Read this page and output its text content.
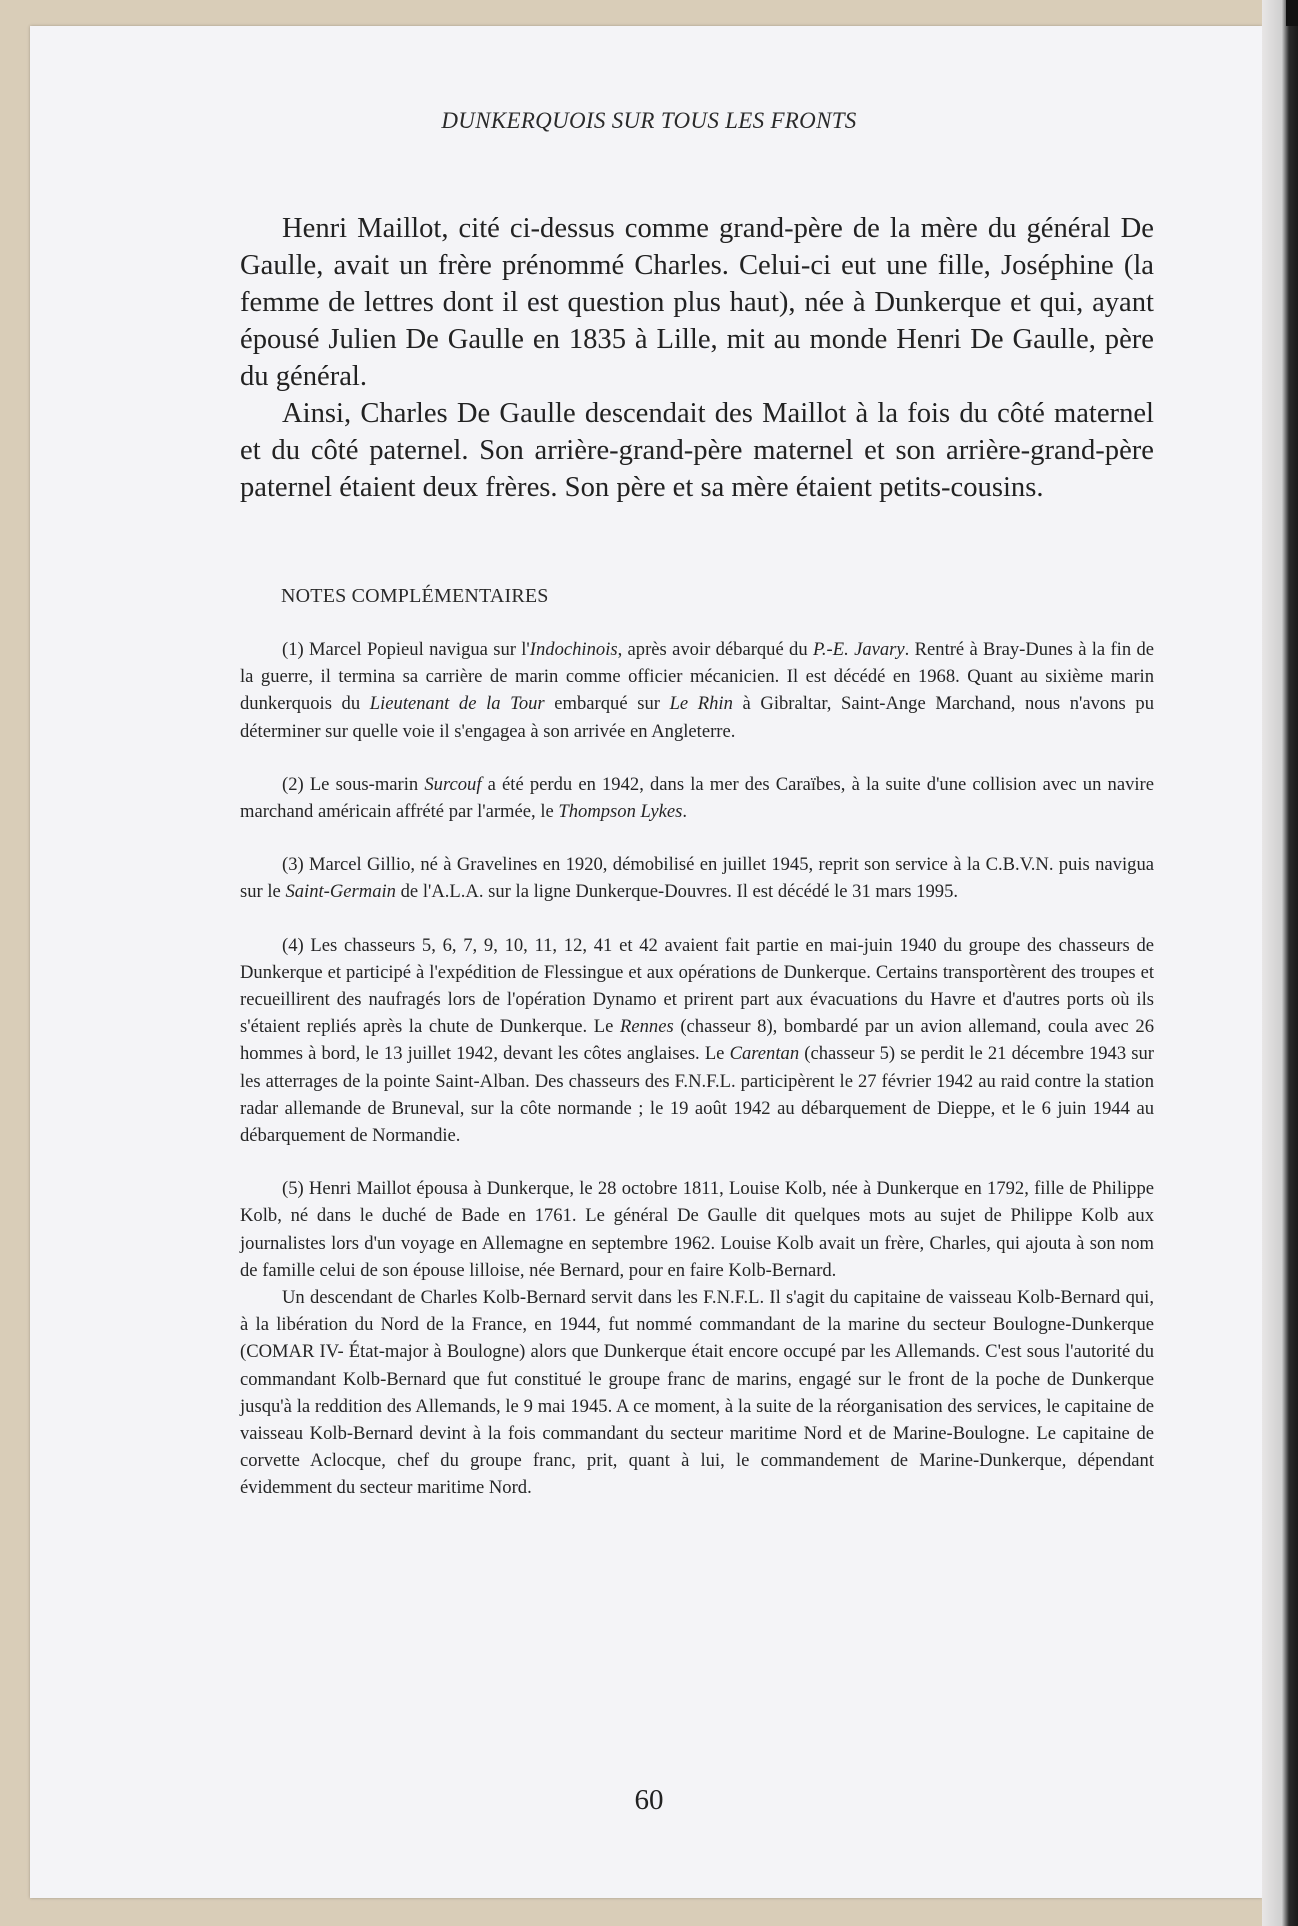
DUNKERQUOIS SUR TOUS LES FRONTS

Henri Maillot, cité ci-dessus comme grand-père de la mère du général De Gaulle, avait un frère prénommé Charles. Celui-ci eut une fille, Joséphine (la femme de lettres dont il est question plus haut), née à Dunkerque et qui, ayant épousé Julien De Gaulle en 1835 à Lille, mit au monde Henri De Gaulle, père du général.

Ainsi, Charles De Gaulle descendait des Maillot à la fois du côté maternel et du côté paternel. Son arrière-grand-père maternel et son arrière-grand-père paternel étaient deux frères. Son père et sa mère étaient petits-cousins.

NOTES COMPLÉMENTAIRES

(1) Marcel Popieul navigua sur l'Indochinois, après avoir débarqué du P.-E. Javary. Rentré à Bray-Dunes à la fin de la guerre, il termina sa carrière de marin comme officier mécanicien. Il est décédé en 1968. Quant au sixième marin dunkerquois du Lieutenant de la Tour embarqué sur Le Rhin à Gibraltar, Saint-Ange Marchand, nous n'avons pu déterminer sur quelle voie il s'engagea à son arrivée en Angleterre.

(2) Le sous-marin Surcouf a été perdu en 1942, dans la mer des Caraïbes, à la suite d'une collision avec un navire marchand américain affrété par l'armée, le Thompson Lykes.

(3) Marcel Gillio, né à Gravelines en 1920, démobilisé en juillet 1945, reprit son service à la C.B.V.N. puis navigua sur le Saint-Germain de l'A.L.A. sur la ligne Dunkerque-Douvres. Il est décédé le 31 mars 1995.

(4) Les chasseurs 5, 6, 7, 9, 10, 11, 12, 41 et 42 avaient fait partie en mai-juin 1940 du groupe des chasseurs de Dunkerque et participé à l'expédition de Flessingue et aux opérations de Dunkerque. Certains transportèrent des troupes et recueillirent des naufragés lors de l'opération Dynamo et prirent part aux évacuations du Havre et d'autres ports où ils s'étaient repliés après la chute de Dunkerque. Le Rennes (chasseur 8), bombardé par un avion allemand, coula avec 26 hommes à bord, le 13 juillet 1942, devant les côtes anglaises. Le Carentan (chasseur 5) se perdit le 21 décembre 1943 sur les atterrages de la pointe Saint-Alban. Des chasseurs des F.N.F.L. participèrent le 27 février 1942 au raid contre la station radar allemande de Bruneval, sur la côte normande ; le 19 août 1942 au débarquement de Dieppe, et le 6 juin 1944 au débarquement de Normandie.

(5) Henri Maillot épousa à Dunkerque, le 28 octobre 1811, Louise Kolb, née à Dunkerque en 1792, fille de Philippe Kolb, né dans le duché de Bade en 1761. Le général De Gaulle dit quelques mots au sujet de Philippe Kolb aux journalistes lors d'un voyage en Allemagne en septembre 1962. Louise Kolb avait un frère, Charles, qui ajouta à son nom de famille celui de son épouse lilloise, née Bernard, pour en faire Kolb-Bernard.

Un descendant de Charles Kolb-Bernard servit dans les F.N.F.L. Il s'agit du capitaine de vaisseau Kolb-Bernard qui, à la libération du Nord de la France, en 1944, fut nommé commandant de la marine du secteur Boulogne-Dunkerque (COMAR IV- État-major à Boulogne) alors que Dunkerque était encore occupé par les Allemands. C'est sous l'autorité du commandant Kolb-Bernard que fut constitué le groupe franc de marins, engagé sur le front de la poche de Dunkerque jusqu'à la reddition des Allemands, le 9 mai 1945. A ce moment, à la suite de la réorganisation des services, le capitaine de vaisseau Kolb-Bernard devint à la fois commandant du secteur maritime Nord et de Marine-Boulogne. Le capitaine de corvette Aclocque, chef du groupe franc, prit, quant à lui, le commandement de Marine-Dunkerque, dépendant évidemment du secteur maritime Nord.

60
